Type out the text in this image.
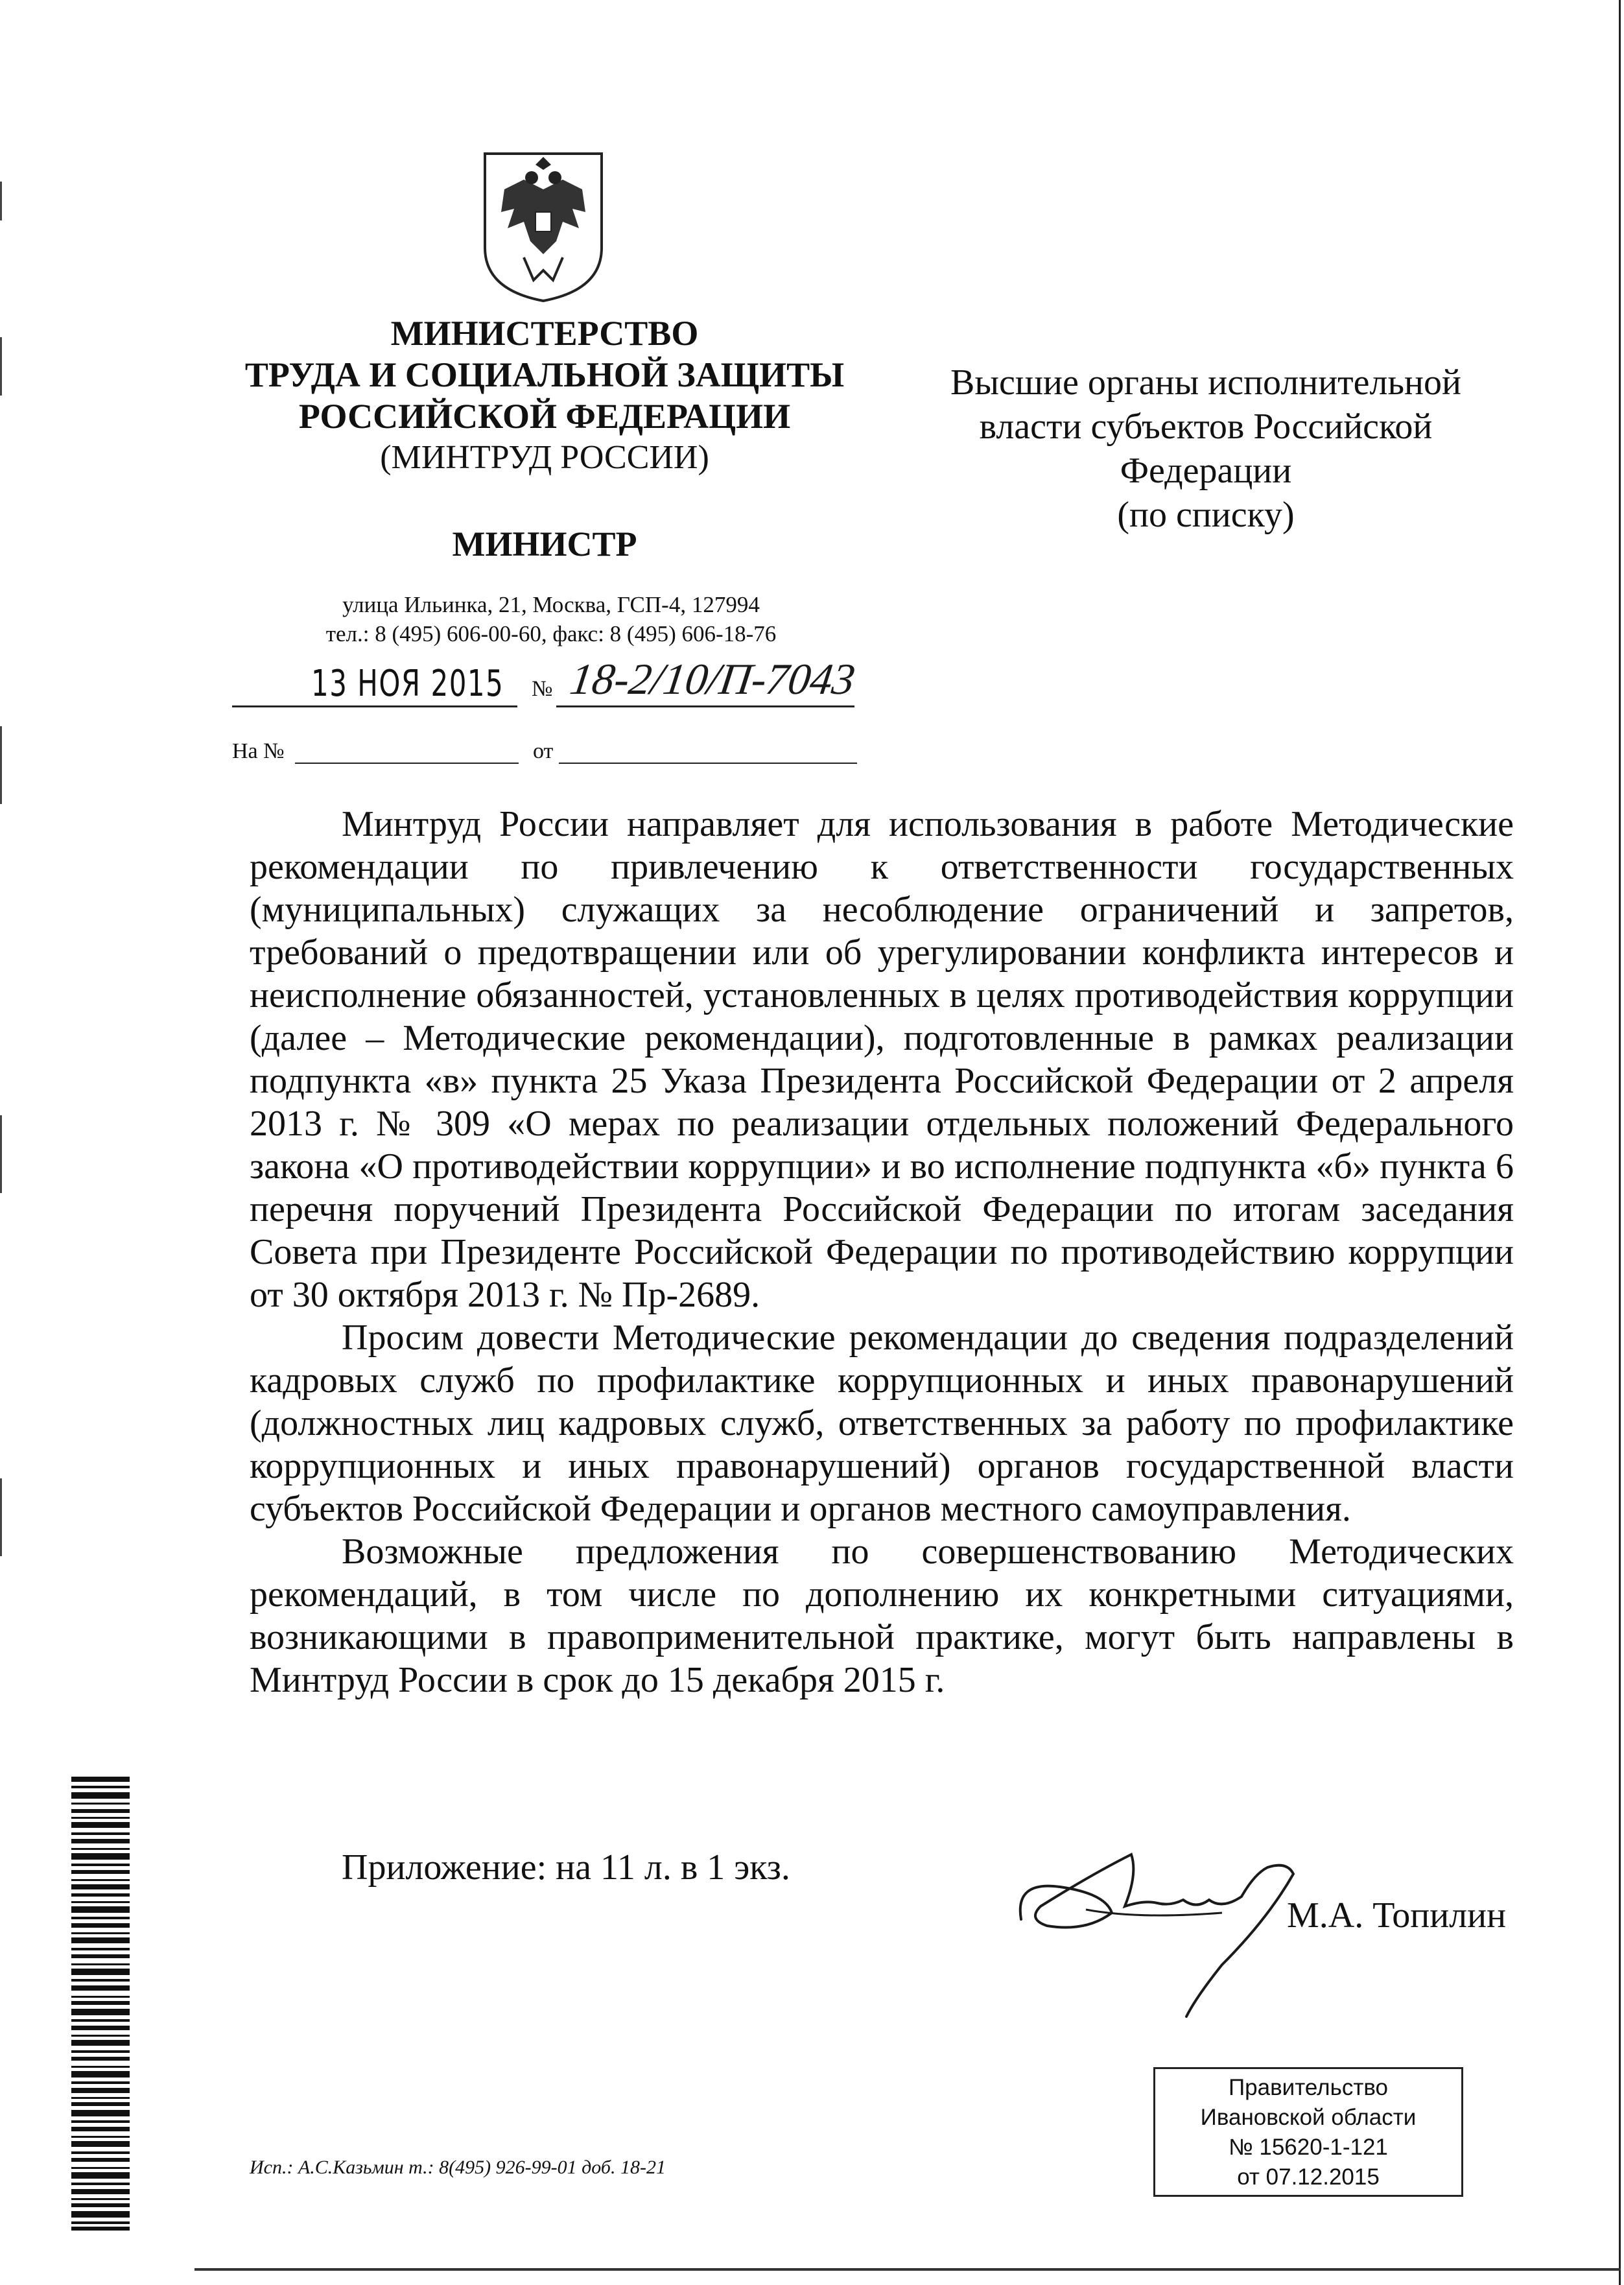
МИНИСТЕРСТВО
ТРУДА И СОЦИАЛЬНОЙ ЗАЩИТЫ
РОССИЙСКОЙ ФЕДЕРАЦИИ
(МИНТРУД РОССИИ)
МИНИСТР
Высшие органы исполнительной
власти субъектов Российской
Федерации
(по списку)
улица Ильинка, 21, Москва, ГСП-4, 127994
тел.: 8 (495) 606-00-60, факс: 8 (495) 606-18-76
13 НОЯ 2015 № 18-2/10/П-7043
На №	от

Минтруд России направляет для использования в работе Методические рекомендации по привлечению к ответственности государственных (муниципальных) служащих за несоблюдение ограничений и запретов, требований о предотвращении или об урегулировании конфликта интересов и неисполнение обязанностей, установленных в целях противодействия коррупции (далее – Методические рекомендации), подготовленные в рамках реализации подпункта «в» пункта 25 Указа Президента Российской Федерации от 2 апреля 2013 г. № 309 «О мерах по реализации отдельных положений Федерального закона «О противодействии коррупции» и во исполнение подпункта «б» пункта 6 перечня поручений Президента Российской Федерации по итогам заседания Совета при Президенте Российской Федерации по противодействию коррупции от 30 октября 2013 г. № Пр-2689.

Просим довести Методические рекомендации до сведения подразделений кадровых служб по профилактике коррупционных и иных правонарушений (должностных лиц кадровых служб, ответственных за работу по профилактике коррупционных и иных правонарушений) органов государственной власти субъектов Российской Федерации и органов местного самоуправления.

Возможные предложения по совершенствованию Методических рекомендаций, в том числе по дополнению их конкретными ситуациями, возникающими в правоприменительной практике, могут быть направлены в Минтруд России в срок до 15 декабря 2015 г.

Приложение: на 11 л. в 1 экз.
М.А. Топилин
Правительство
Ивановской области
№ 15620-1-121
от 07.12.2015
Исп.: А.С.Казьмин т.: 8(495) 926-99-01 доб. 18-21
